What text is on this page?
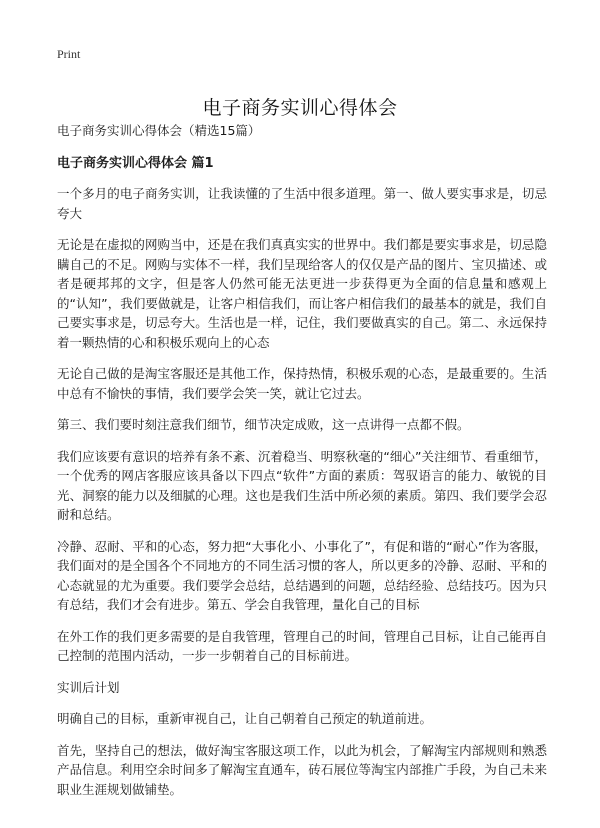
Print
电子商务实训心得体会

电子商务实训心得体会（精选15篇）

电子商务实训心得体会 篇1

一个多月的电子商务实训，让我读懂的了生活中很多道理。第一、做人要实事求是，切忌夸大

无论是在虚拟的网购当中，还是在我们真真实实的世界中。我们都是要实事求是，切忌隐瞒自己的不足。网购与实体不一样，我们呈现给客人的仅仅是产品的图片、宝贝描述、或者是硬邦邦的文字，但是客人仍然可能无法更进一步获得更为全面的信息量和感观上的“认知”，我们要做就是，让客户相信我们，而让客户相信我们的最基本的就是，我们自己要实事求是，切忌夸大。生活也是一样，记住，我们要做真实的自己。第二、永远保持着一颗热情的心和积极乐观向上的心态

无论自己做的是淘宝客服还是其他工作，保持热情，积极乐观的心态，是最重要的。生活中总有不愉快的事情，我们要学会笑一笑，就让它过去。

第三、我们要时刻注意我们细节，细节决定成败，这一点讲得一点都不假。

我们应该要有意识的培养有条不紊、沉着稳当、明察秋毫的“细心”关注细节、看重细节，一个优秀的网店客服应该具备以下四点“软件”方面的素质：驾驭语言的能力、敏锐的目光、洞察的能力以及细腻的心理。这也是我们生活中所必须的素质。第四、我们要学会忍耐和总结。

冷静、忍耐、平和的心态，努力把“大事化小、小事化了”，有促和谐的“耐心”作为客服，我们面对的是全国各个不同地方的不同生活习惯的客人，所以更多的冷静、忍耐、平和的心态就显的尤为重要。我们要学会总结，总结遇到的问题，总结经验、总结技巧。因为只有总结，我们才会有进步。第五、学会自我管理，量化自己的目标

在外工作的我们更多需要的是自我管理，管理自己的时间，管理自己目标，让自己能再自己控制的范围内活动，一步一步朝着自己的目标前进。

实训后计划

明确自己的目标，重新审视自己，让自己朝着自己预定的轨道前进。

首先，坚持自己的想法，做好淘宝客服这项工作，以此为机会，了解淘宝内部规则和熟悉产品信息。利用空余时间多了解淘宝直通车，砖石展位等淘宝内部推广手段，为自己未来职业生涯规划做铺垫。
